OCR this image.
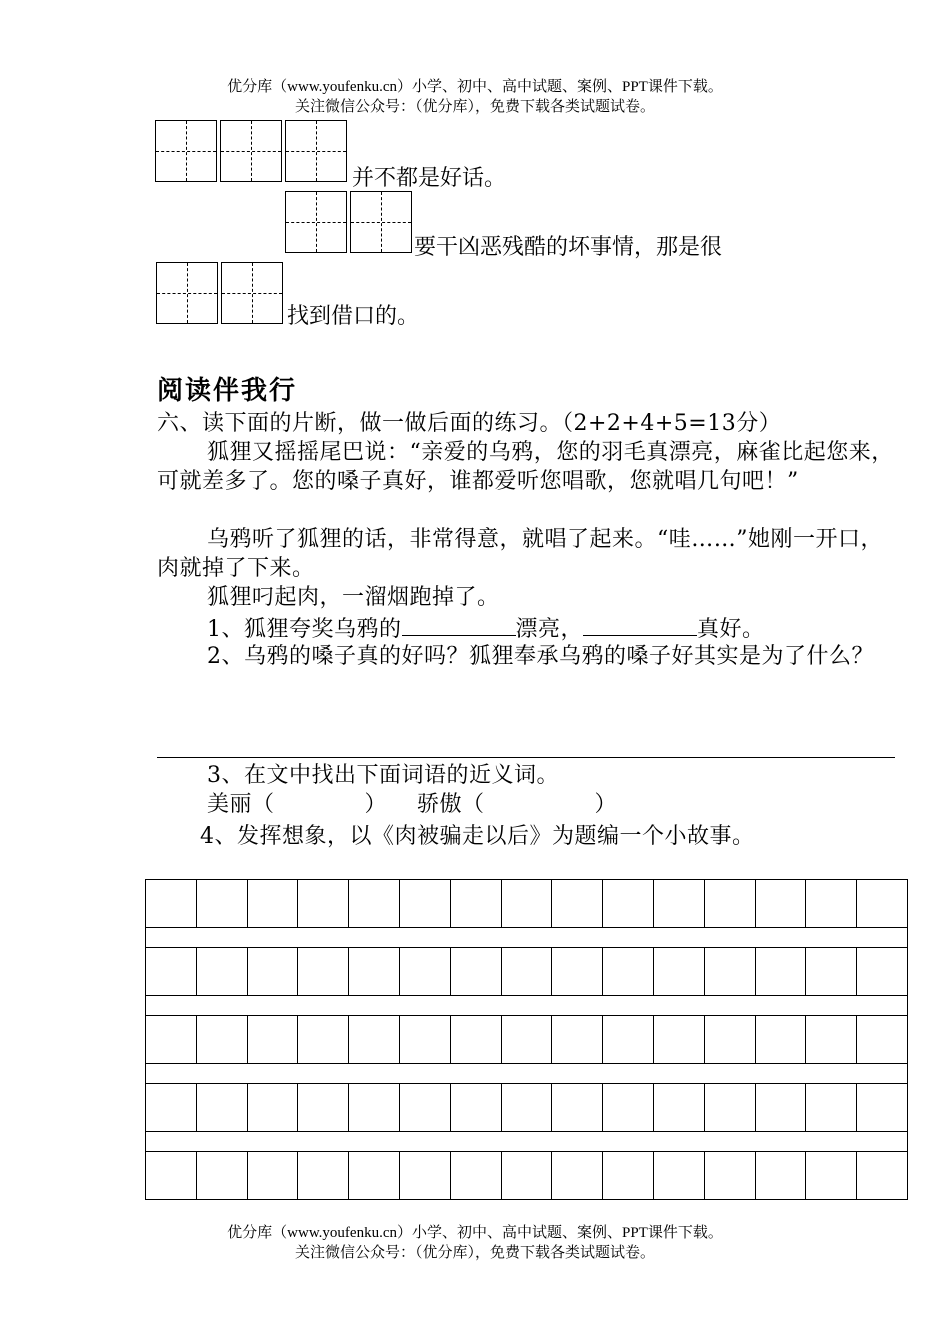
优分库（www.youfenku.cn）小学、初中、高中试题、案例、PPT课件下载。
关注微信公众号：（优分库），免费下载各类试题试卷。
并不都是好话。
要干凶恶残酷的坏事情，那是很
找到借口的。
阅读伴我行
六、读下面的片断，做一做后面的练习。（2+2+4+5=13分）
狐狸又摇摇尾巴说：“亲爱的乌鸦，您的羽毛真漂亮，麻雀比起您来，可就差多了。您的嗓子真好，谁都爱听您唱歌，您就唱几句吧！”
乌鸦听了狐狸的话，非常得意，就唱了起来。“哇……”她刚一开口，肉就掉了下来。
狐狸叼起肉，一溜烟跑掉了。
1、狐狸夸奖乌鸦的	漂亮，	真好。
2、乌鸦的嗓子真的好吗？狐狸奉承乌鸦的嗓子好其实是为了什么？
3、在文中找出下面词语的近义词。
美丽（	） 骄傲（	）
4、发挥想象，以《肉被骗走以后》为题编一个小故事。
优分库（www.youfenku.cn）小学、初中、高中试题、案例、PPT课件下载。
关注微信公众号：（优分库），免费下载各类试题试卷。
